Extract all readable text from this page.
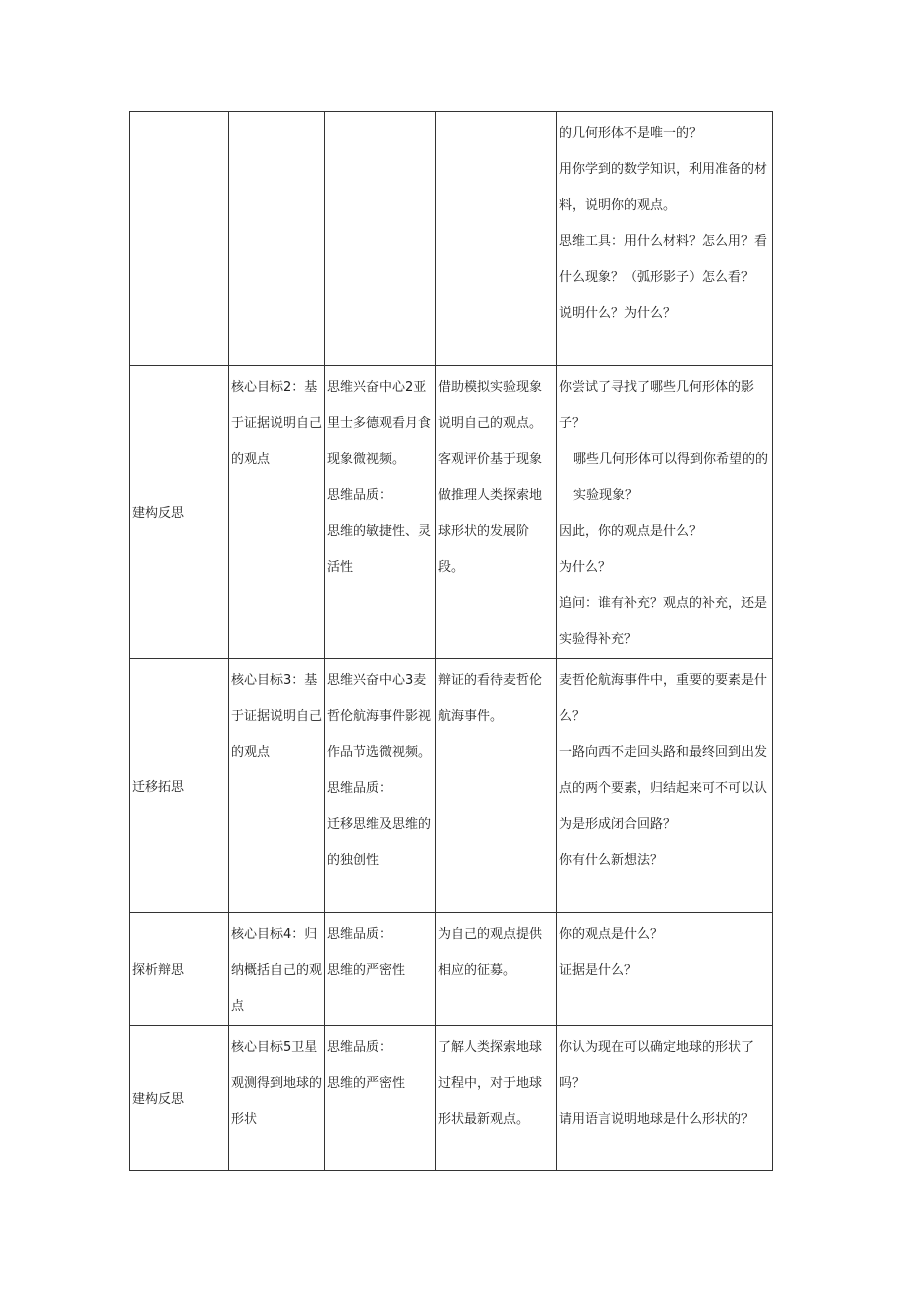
				的几何形体不是唯一的？
用你学到的数学知识，利用准备的材料，说明你的观点。
思维工具：用什么材料？怎么用？看什么现象？（弧形影子）怎么看？
说明什么？为什么？

建构反思	核心目标2：基于证据说明自己的观点	思维兴奋中心2亚里士多德观看月食现象微视频。
思维品质：
思维的敏捷性、灵活性	借助模拟实验现象说明自己的观点。
客观评价基于现象做推理人类探索地球形状的发展阶段。	你尝试了寻找了哪些几何形体的影子？
哪些几何形体可以得到你希望的的实验现象？
因此，你的观点是什么？
为什么？
追问：谁有补充？观点的补充，还是实验得补充？

迁移拓思	核心目标3：基于证据说明自己的观点	思维兴奋中心3麦哲伦航海事件影视作品节选微视频。
思维品质：
迁移思维及思维的的独创性	辩证的看待麦哲伦航海事件。	麦哲伦航海事件中，重要的要素是什么？
一路向西不走回头路和最终回到出发点的两个要素，归结起来可不可以认为是形成闭合回路？
你有什么新想法？

探析辩思	核心目标4：归纳概括自己的观点	思维品质：
思维的严密性	为自己的观点提供相应的征募。	你的观点是什么？
证据是什么？

建构反思	核心目标5卫星观测得到地球的形状	思维品质：
思维的严密性	了解人类探索地球过程中，对于地球形状最新观点。	你认为现在可以确定地球的形状了吗？
请用语言说明地球是什么形状的？
